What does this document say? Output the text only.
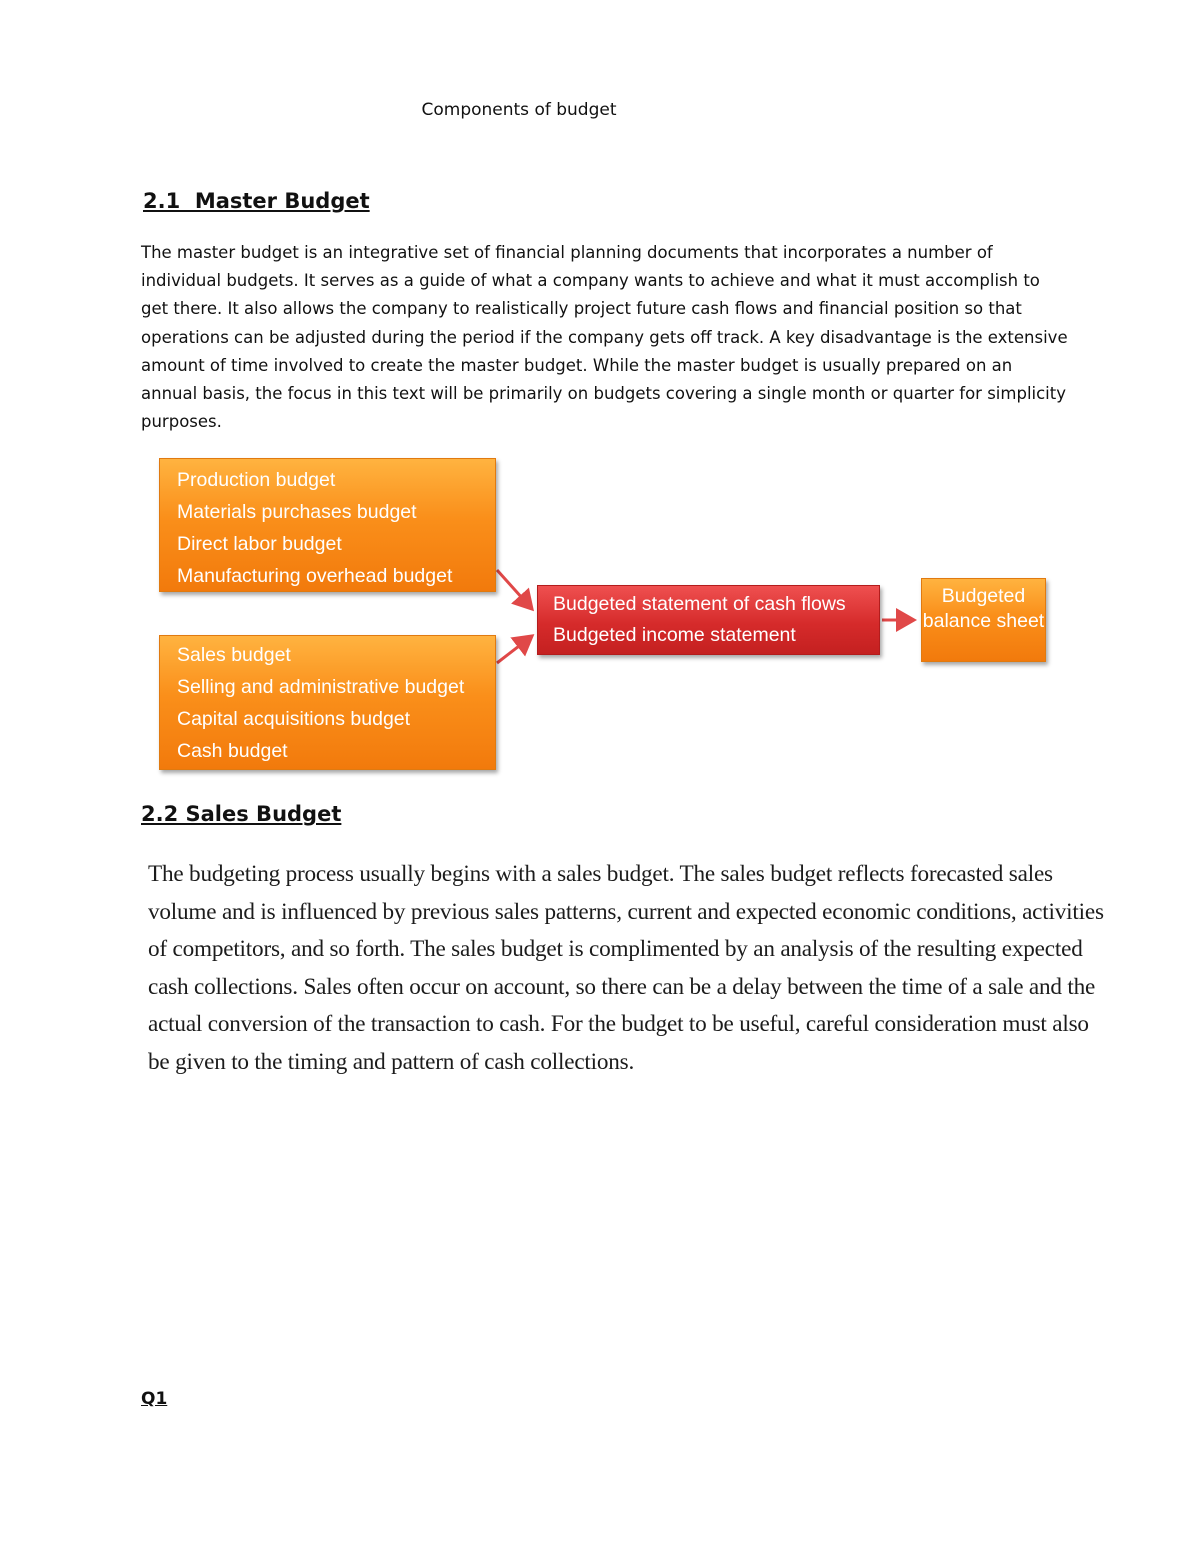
Components of budget
2.1  Master Budget

The master budget is an integrative set of financial planning documents that incorporates a number of individual budgets. It serves as a guide of what a company wants to achieve and what it must accomplish to get there. It also allows the company to realistically project future cash flows and financial position so that operations can be adjusted during the period if the company gets off track. A key disadvantage is the extensive amount of time involved to create the master budget. While the master budget is usually prepared on an annual basis, the focus in this text will be primarily on budgets covering a single month or quarter for simplicity purposes.

Production budget
Materials purchases budget
Direct labor budget
Manufacturing overhead budget
Sales budget
Selling and administrative budget
Capital acquisitions budget
Cash budget
Budgeted statement of cash flows
Budgeted income statement
Budgeted balance sheet
2.2 Sales Budget

The budgeting process usually begins with a sales budget. The sales budget reflects forecasted sales volume and is influenced by previous sales patterns, current and expected economic conditions, activities of competitors, and so forth. The sales budget is complimented by an analysis of the resulting expected cash collections. Sales often occur on account, so there can be a delay between the time of a sale and the actual conversion of the transaction to cash. For the budget to be useful, careful consideration must also be given to the timing and pattern of cash collections.

Q1
